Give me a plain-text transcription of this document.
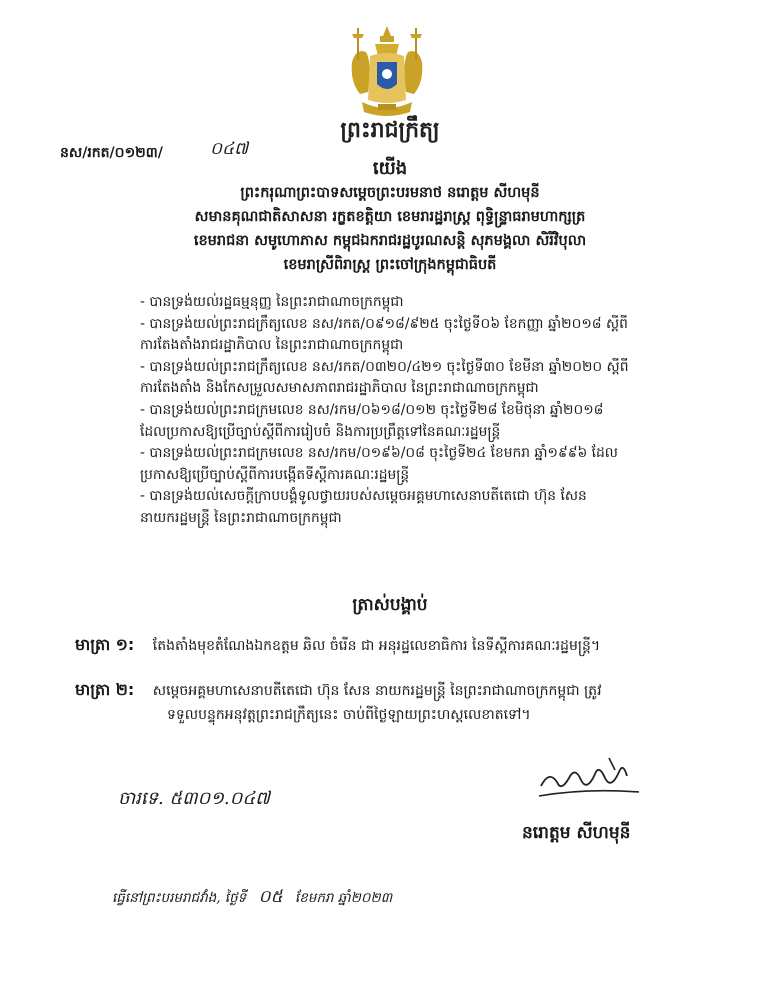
ព្រះរាជក្រឹត្យ
នស/រកត/០១២៣/	០៤៧
យើង
ព្រះករុណាព្រះបាទសម្តេចព្រះបរមនាថ នរោត្តម សីហមុនី
សមានគុណជាតិសាសនា រក្ខតខត្តិយា ខេមរារដ្ឋរាស្ត្រ ពុទ្ធិន្ទ្រាធរាមហាក្សត្រ
ខេមរាជនា សមូហោភាស កម្ពុជឯករាជរដ្ឋបូរណសន្តិ សុភមង្គលា សិរីវិបុលា
ខេមរាស្រីពិរាស្ត្រ ព្រះចៅក្រុងកម្ពុជាធិបតី
- បានទ្រង់យល់រដ្ឋធម្មនុញ្ញ នៃព្រះរាជាណាចក្រកម្ពុជា
- បានទ្រង់យល់ព្រះរាជក្រឹត្យលេខ នស/រកត/០៩១៨/៩២៥ ចុះថ្ងៃទី០៦ ខែកញ្ញា ឆ្នាំ២០១៨ ស្តីពី
ការតែងតាំងរាជរដ្ឋាភិបាល នៃព្រះរាជាណាចក្រកម្ពុជា
- បានទ្រង់យល់ព្រះរាជក្រឹត្យលេខ នស/រកត/០៣២០/៤២១ ចុះថ្ងៃទី៣០ ខែមីនា ឆ្នាំ២០២០ ស្តីពី
ការតែងតាំង និងកែសម្រួលសមាសភាពរាជរដ្ឋាភិបាល នៃព្រះរាជាណាចក្រកម្ពុជា
- បានទ្រង់យល់ព្រះរាជក្រមលេខ នស/រកម/០៦១៨/០១២ ចុះថ្ងៃទី២៨ ខែមិថុនា ឆ្នាំ២០១៨
ដែលប្រកាសឱ្យប្រើច្បាប់ស្តីពីការរៀបចំ និងការប្រព្រឹត្តទៅនៃគណៈរដ្ឋមន្ត្រី
- បានទ្រង់យល់ព្រះរាជក្រមលេខ នស/រកម/០១៩៦/០៨ ចុះថ្ងៃទី២៤ ខែមករា ឆ្នាំ១៩៩៦ ដែល
ប្រកាសឱ្យប្រើច្បាប់ស្តីពីការបង្កើតទីស្តីការគណៈរដ្ឋមន្ត្រី
- បានទ្រង់យល់សេចក្តីក្រាបបង្គំទូលថ្វាយរបស់សម្តេចអគ្គមហាសេនាបតីតេជោ ហ៊ុន សែន
នាយករដ្ឋមន្ត្រី នៃព្រះរាជាណាចក្រកម្ពុជា
ត្រាស់បង្គាប់
មាត្រា ១: តែងតាំងមុខតំណែងឯកឧត្តម ឆិល ចំរើន ជា អនុរដ្ឋលេខាធិការ នៃទីស្តីការគណៈរដ្ឋមន្ត្រី។
មាត្រា ២: សម្តេចអគ្គមហាសេនាបតីតេជោ ហ៊ុន សែន នាយករដ្ឋមន្ត្រី នៃព្រះរាជាណាចក្រកម្ពុជា ត្រូវ
ទទួលបន្ទុកអនុវត្តព្រះរាជក្រឹត្យនេះ ចាប់ពីថ្ងៃឡាយព្រះហស្តលេខាតទៅ។
ចារទេ. ៥៣០១.០៤៧
នរោត្តម សីហមុនី
ធ្វើនៅព្រះបរមរាជវាំង, ថ្ងៃទី ០៥ ខែមករា ឆ្នាំ២០២៣
